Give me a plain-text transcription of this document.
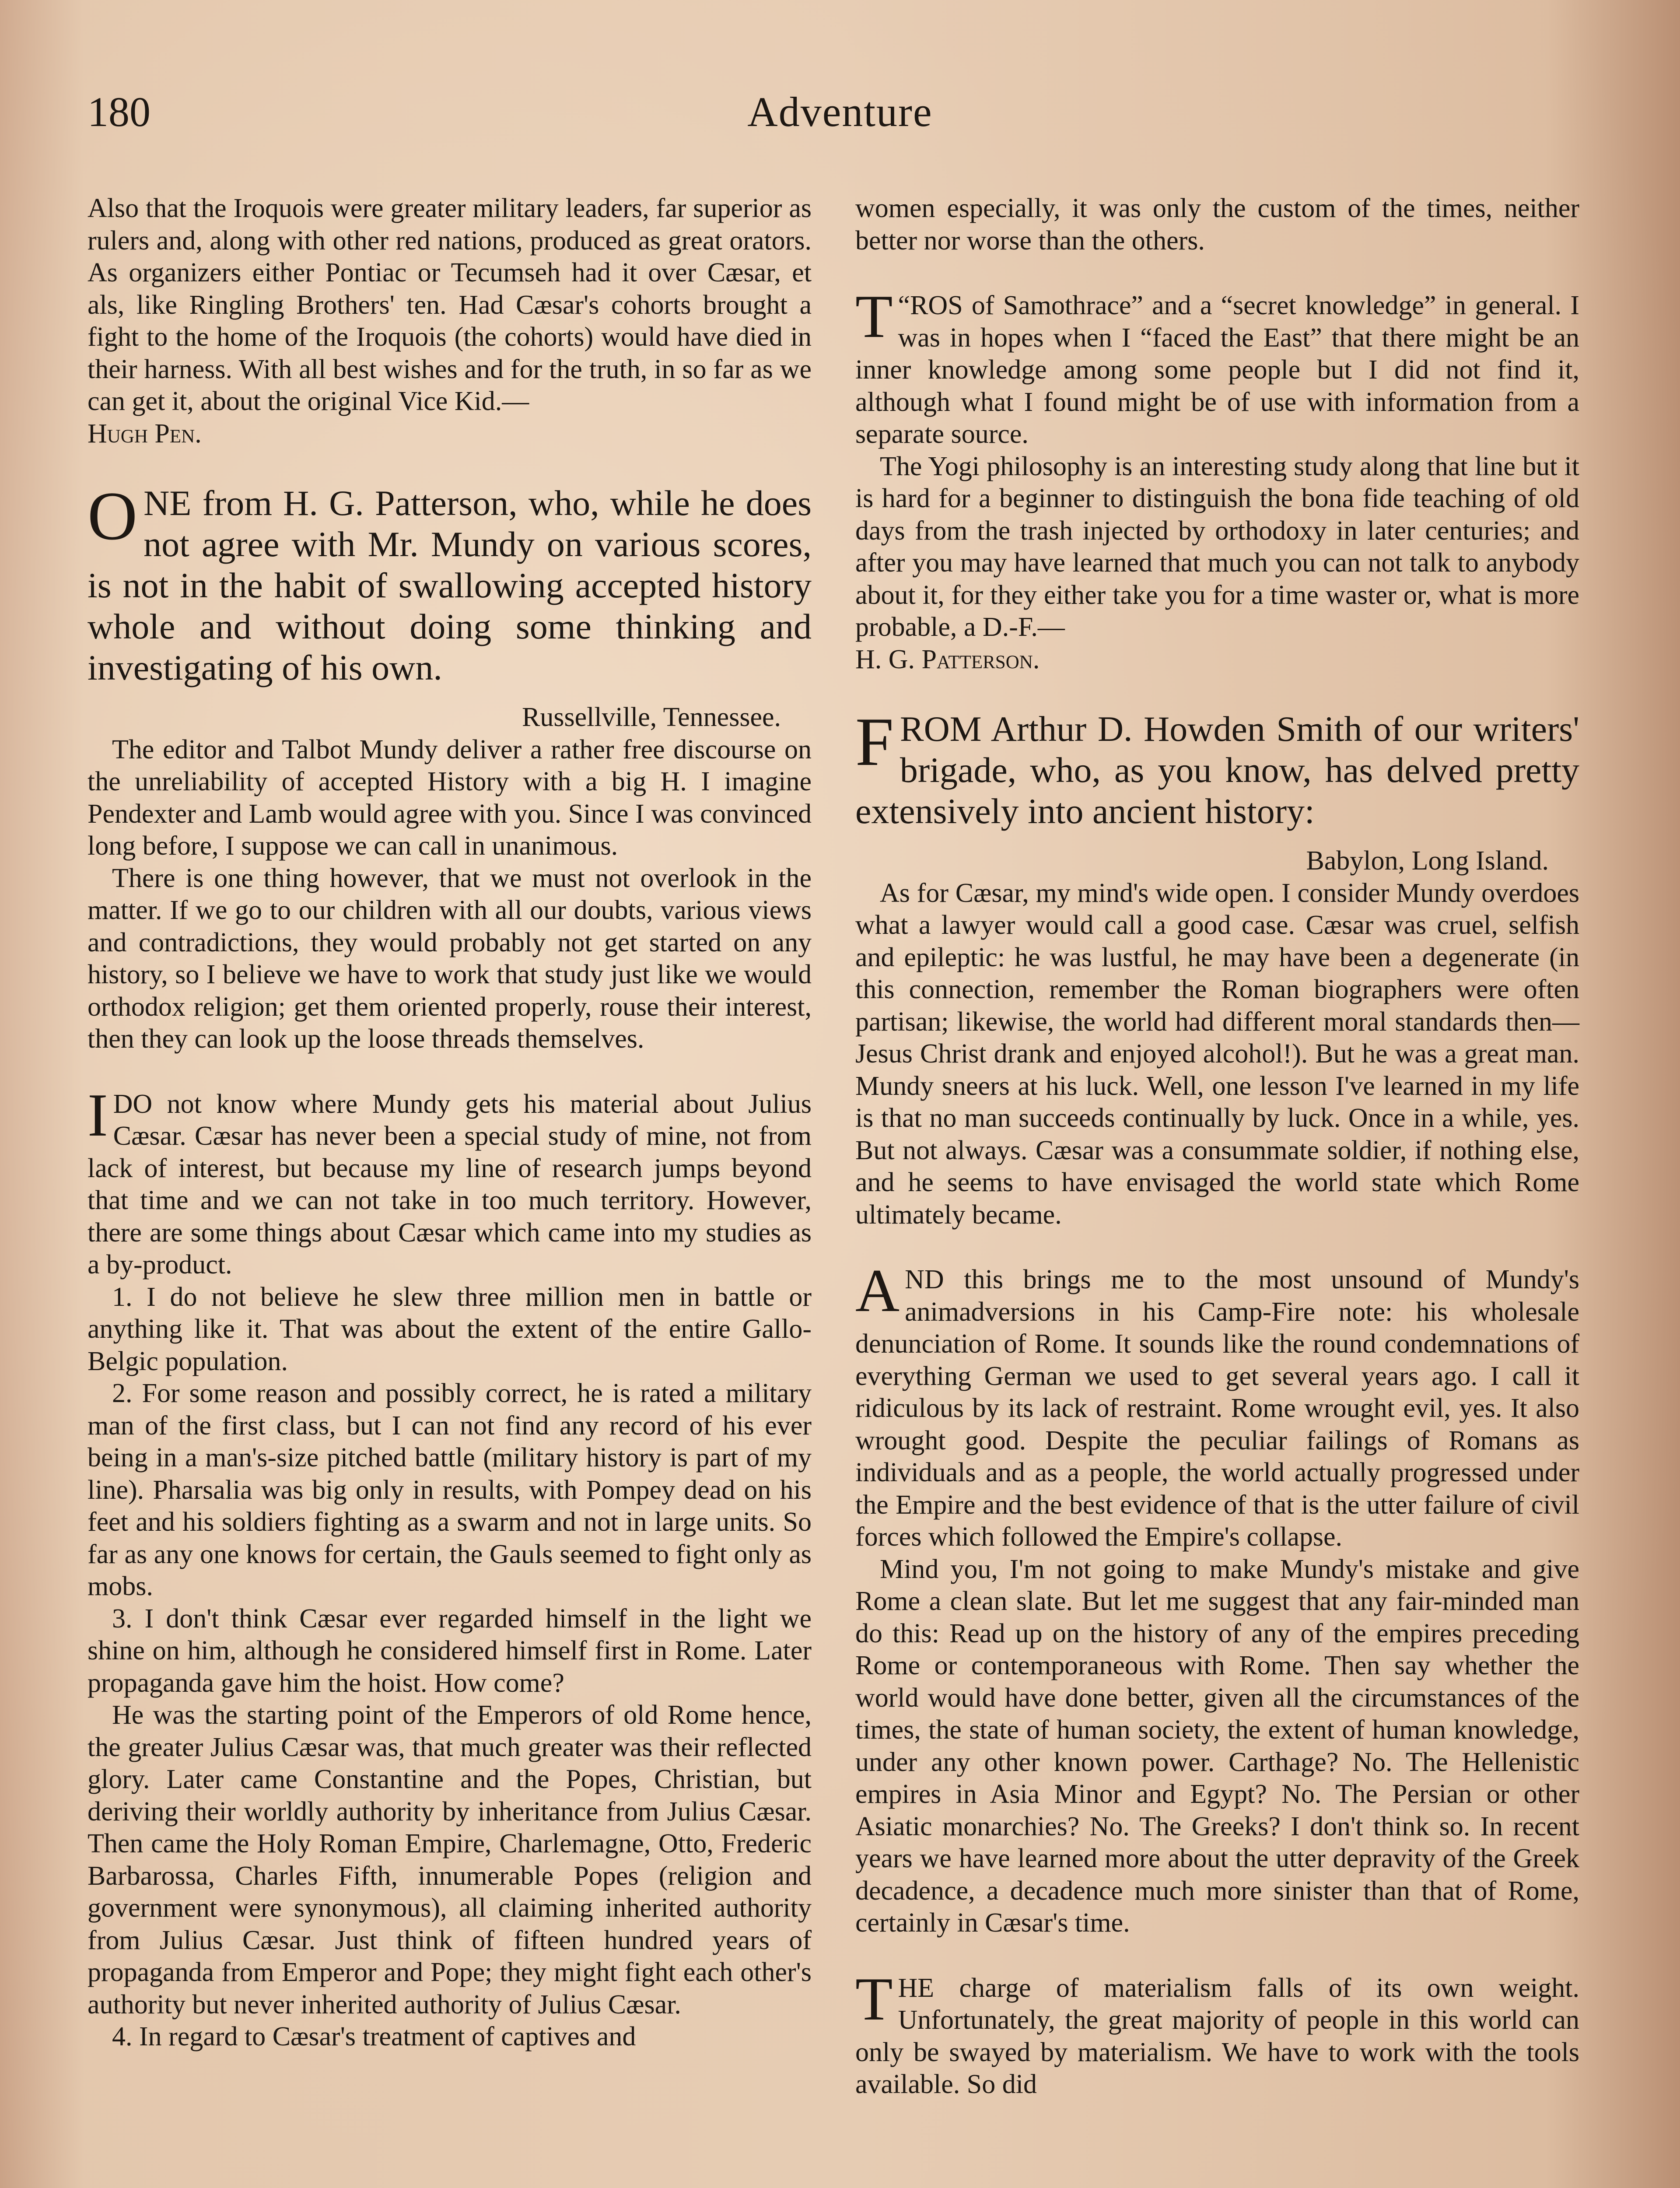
180	Adventure

Also that the Iroquois were greater military leaders, far superior as rulers and, along with other red nations, produced as great orators. As organizers either Pontiac or Tecumseh had it over Cæsar, et als, like Ringling Brothers' ten. Had Cæsar's cohorts brought a fight to the home of the Iroquois (the cohorts) would have died in their harness. With all best wishes and for the truth, in so far as we can get it, about the original Vice Kid.—

Hugh Pen.

ONE from H. G. Patterson, who, while he does not agree with Mr. Mundy on various scores, is not in the habit of swallowing accepted history whole and without doing some thinking and investigating of his own.

Russellville, Tennessee.

The editor and Talbot Mundy deliver a rather free discourse on the unreliability of accepted History with a big H. I imagine Pendexter and Lamb would agree with you. Since I was convinced long before, I suppose we can call in unanimous.

There is one thing however, that we must not overlook in the matter. If we go to our children with all our doubts, various views and contradictions, they would probably not get started on any history, so I believe we have to work that study just like we would orthodox religion; get them oriented properly, rouse their interest, then they can look up the loose threads themselves.

IDO not know where Mundy gets his material about Julius Cæsar. Cæsar has never been a special study of mine, not from lack of interest, but because my line of research jumps beyond that time and we can not take in too much territory. However, there are some things about Cæsar which came into my studies as a by-product.

1. I do not believe he slew three million men in battle or anything like it. That was about the extent of the entire Gallo-Belgic population.

2. For some reason and possibly correct, he is rated a military man of the first class, but I can not find any record of his ever being in a man's-size pitched battle (military history is part of my line). Pharsalia was big only in results, with Pompey dead on his feet and his soldiers fighting as a swarm and not in large units. So far as any one knows for certain, the Gauls seemed to fight only as mobs.

3. I don't think Cæsar ever regarded himself in the light we shine on him, although he considered himself first in Rome. Later propaganda gave him the hoist. How come?

He was the starting point of the Emperors of old Rome hence, the greater Julius Cæsar was, that much greater was their reflected glory. Later came Constantine and the Popes, Christian, but deriving their worldly authority by inheritance from Julius Cæsar. Then came the Holy Roman Empire, Charlemagne, Otto, Frederic Barbarossa, Charles Fifth, innumerable Popes (religion and government were synonymous), all claiming inherited authority from Julius Cæsar. Just think of fifteen hundred years of propaganda from Emperor and Pope; they might fight each other's authority but never inherited authority of Julius Cæsar.

4. In regard to Cæsar's treatment of captives and

women especially, it was only the custom of the times, neither better nor worse than the others.

“
T ROS of Samothrace” and a “secret knowledge” in general. I was in hopes when I “faced the East” that there might be an inner knowledge among some people but I did not find it, although what I found might be of use with information from a separate source.

The Yogi philosophy is an interesting study along that line but it is hard for a beginner to distinguish the bona fide teaching of old days from the trash injected by orthodoxy in later centuries; and after you may have learned that much you can not talk to anybody about it, for they either take you for a time waster or, what is more probable, a D.-F.—

H. G. Patterson.

FROM Arthur D. Howden Smith of our writers' brigade, who, as you know, has delved pretty extensively into ancient history:

Babylon, Long Island.

As for Cæsar, my mind's wide open. I consider Mundy overdoes what a lawyer would call a good case. Cæsar was cruel, selfish and epileptic: he was lustful, he may have been a degenerate (in this connection, remember the Roman biographers were often partisan; likewise, the world had different moral standards then—Jesus Christ drank and enjoyed alcohol!). But he was a great man. Mundy sneers at his luck. Well, one lesson I've learned in my life is that no man succeeds continually by luck. Once in a while, yes. But not always. Cæsar was a consummate soldier, if nothing else, and he seems to have envisaged the world state which Rome ultimately became.

AND this brings me to the most unsound of Mundy's animadversions in his Camp-Fire note: his wholesale denunciation of Rome. It sounds like the round condemnations of everything German we used to get several years ago. I call it ridiculous by its lack of restraint. Rome wrought evil, yes. It also wrought good. Despite the peculiar failings of Romans as individuals and as a people, the world actually progressed under the Empire and the best evidence of that is the utter failure of civil forces which followed the Empire's collapse.

Mind you, I'm not going to make Mundy's mistake and give Rome a clean slate. But let me suggest that any fair-minded man do this: Read up on the history of any of the empires preceding Rome or contemporaneous with Rome. Then say whether the world would have done better, given all the circumstances of the times, the state of human society, the extent of human knowledge, under any other known power. Carthage? No. The Hellenistic empires in Asia Minor and Egypt? No. The Persian or other Asiatic monarchies? No. The Greeks? I don't think so. In recent years we have learned more about the utter depravity of the Greek decadence, a decadence much more sinister than that of Rome, certainly in Cæsar's time.

THE charge of materialism falls of its own weight. Unfortunately, the great majority of people in this world can only be swayed by materialism. We have to work with the tools available. So did
